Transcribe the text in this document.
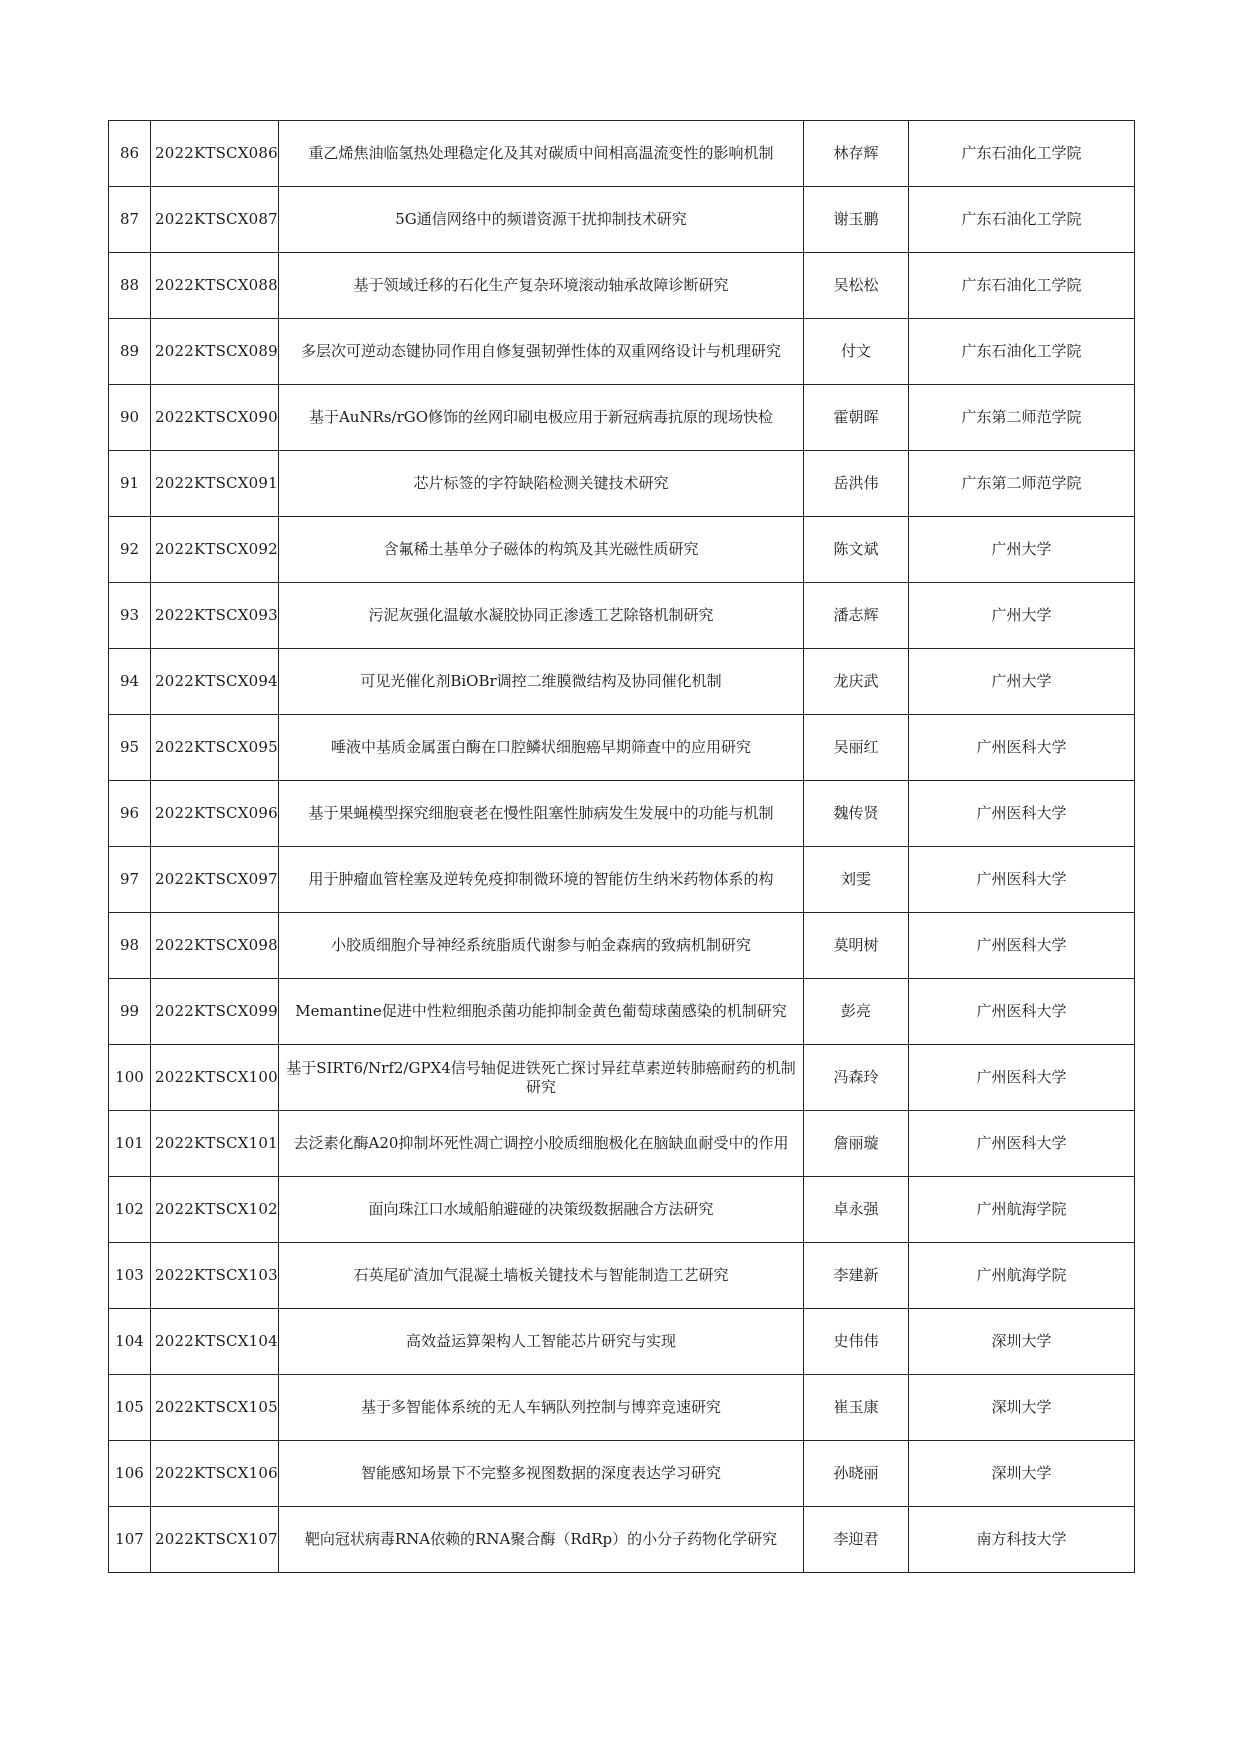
86	2022KTSCX086	重乙烯焦油临氢热处理稳定化及其对碳质中间相高温流变性的影响机制	林存辉	广东石油化工学院
87	2022KTSCX087	5G通信网络中的频谱资源干扰抑制技术研究	谢玉鹏	广东石油化工学院
88	2022KTSCX088	基于领域迁移的石化生产复杂环境滚动轴承故障诊断研究	吴松松	广东石油化工学院
89	2022KTSCX089	多层次可逆动态键协同作用自修复强韧弹性体的双重网络设计与机理研究	付文	广东石油化工学院
90	2022KTSCX090	基于AuNRs/rGO修饰的丝网印刷电极应用于新冠病毒抗原的现场快检	霍朝晖	广东第二师范学院
91	2022KTSCX091	芯片标签的字符缺陷检测关键技术研究	岳洪伟	广东第二师范学院
92	2022KTSCX092	含氟稀土基单分子磁体的构筑及其光磁性质研究	陈文斌	广州大学
93	2022KTSCX093	污泥灰强化温敏水凝胶协同正渗透工艺除铬机制研究	潘志辉	广州大学
94	2022KTSCX094	可见光催化剂BiOBr调控二维膜微结构及协同催化机制	龙庆武	广州大学
95	2022KTSCX095	唾液中基质金属蛋白酶在口腔鳞状细胞癌早期筛查中的应用研究	吴丽红	广州医科大学
96	2022KTSCX096	基于果蝇模型探究细胞衰老在慢性阻塞性肺病发生发展中的功能与机制	魏传贤	广州医科大学
97	2022KTSCX097	用于肿瘤血管栓塞及逆转免疫抑制微环境的智能仿生纳米药物体系的构	刘雯	广州医科大学
98	2022KTSCX098	小胶质细胞介导神经系统脂质代谢参与帕金森病的致病机制研究	莫明树	广州医科大学
99	2022KTSCX099	Memantine促进中性粒细胞杀菌功能抑制金黄色葡萄球菌感染的机制研究	彭亮	广州医科大学
100	2022KTSCX100	基于SIRT6/Nrf2/GPX4信号轴促进铁死亡探讨异荭草素逆转肺癌耐药的机制研究	冯森玲	广州医科大学
101	2022KTSCX101	去泛素化酶A20抑制坏死性凋亡调控小胶质细胞极化在脑缺血耐受中的作用	詹丽璇	广州医科大学
102	2022KTSCX102	面向珠江口水域船舶避碰的决策级数据融合方法研究	卓永强	广州航海学院
103	2022KTSCX103	石英尾矿渣加气混凝土墙板关键技术与智能制造工艺研究	李建新	广州航海学院
104	2022KTSCX104	高效益运算架构人工智能芯片研究与实现	史伟伟	深圳大学
105	2022KTSCX105	基于多智能体系统的无人车辆队列控制与博弈竞速研究	崔玉康	深圳大学
106	2022KTSCX106	智能感知场景下不完整多视图数据的深度表达学习研究	孙晓丽	深圳大学
107	2022KTSCX107	靶向冠状病毒RNA依赖的RNA聚合酶（RdRp）的小分子药物化学研究	李迎君	南方科技大学
